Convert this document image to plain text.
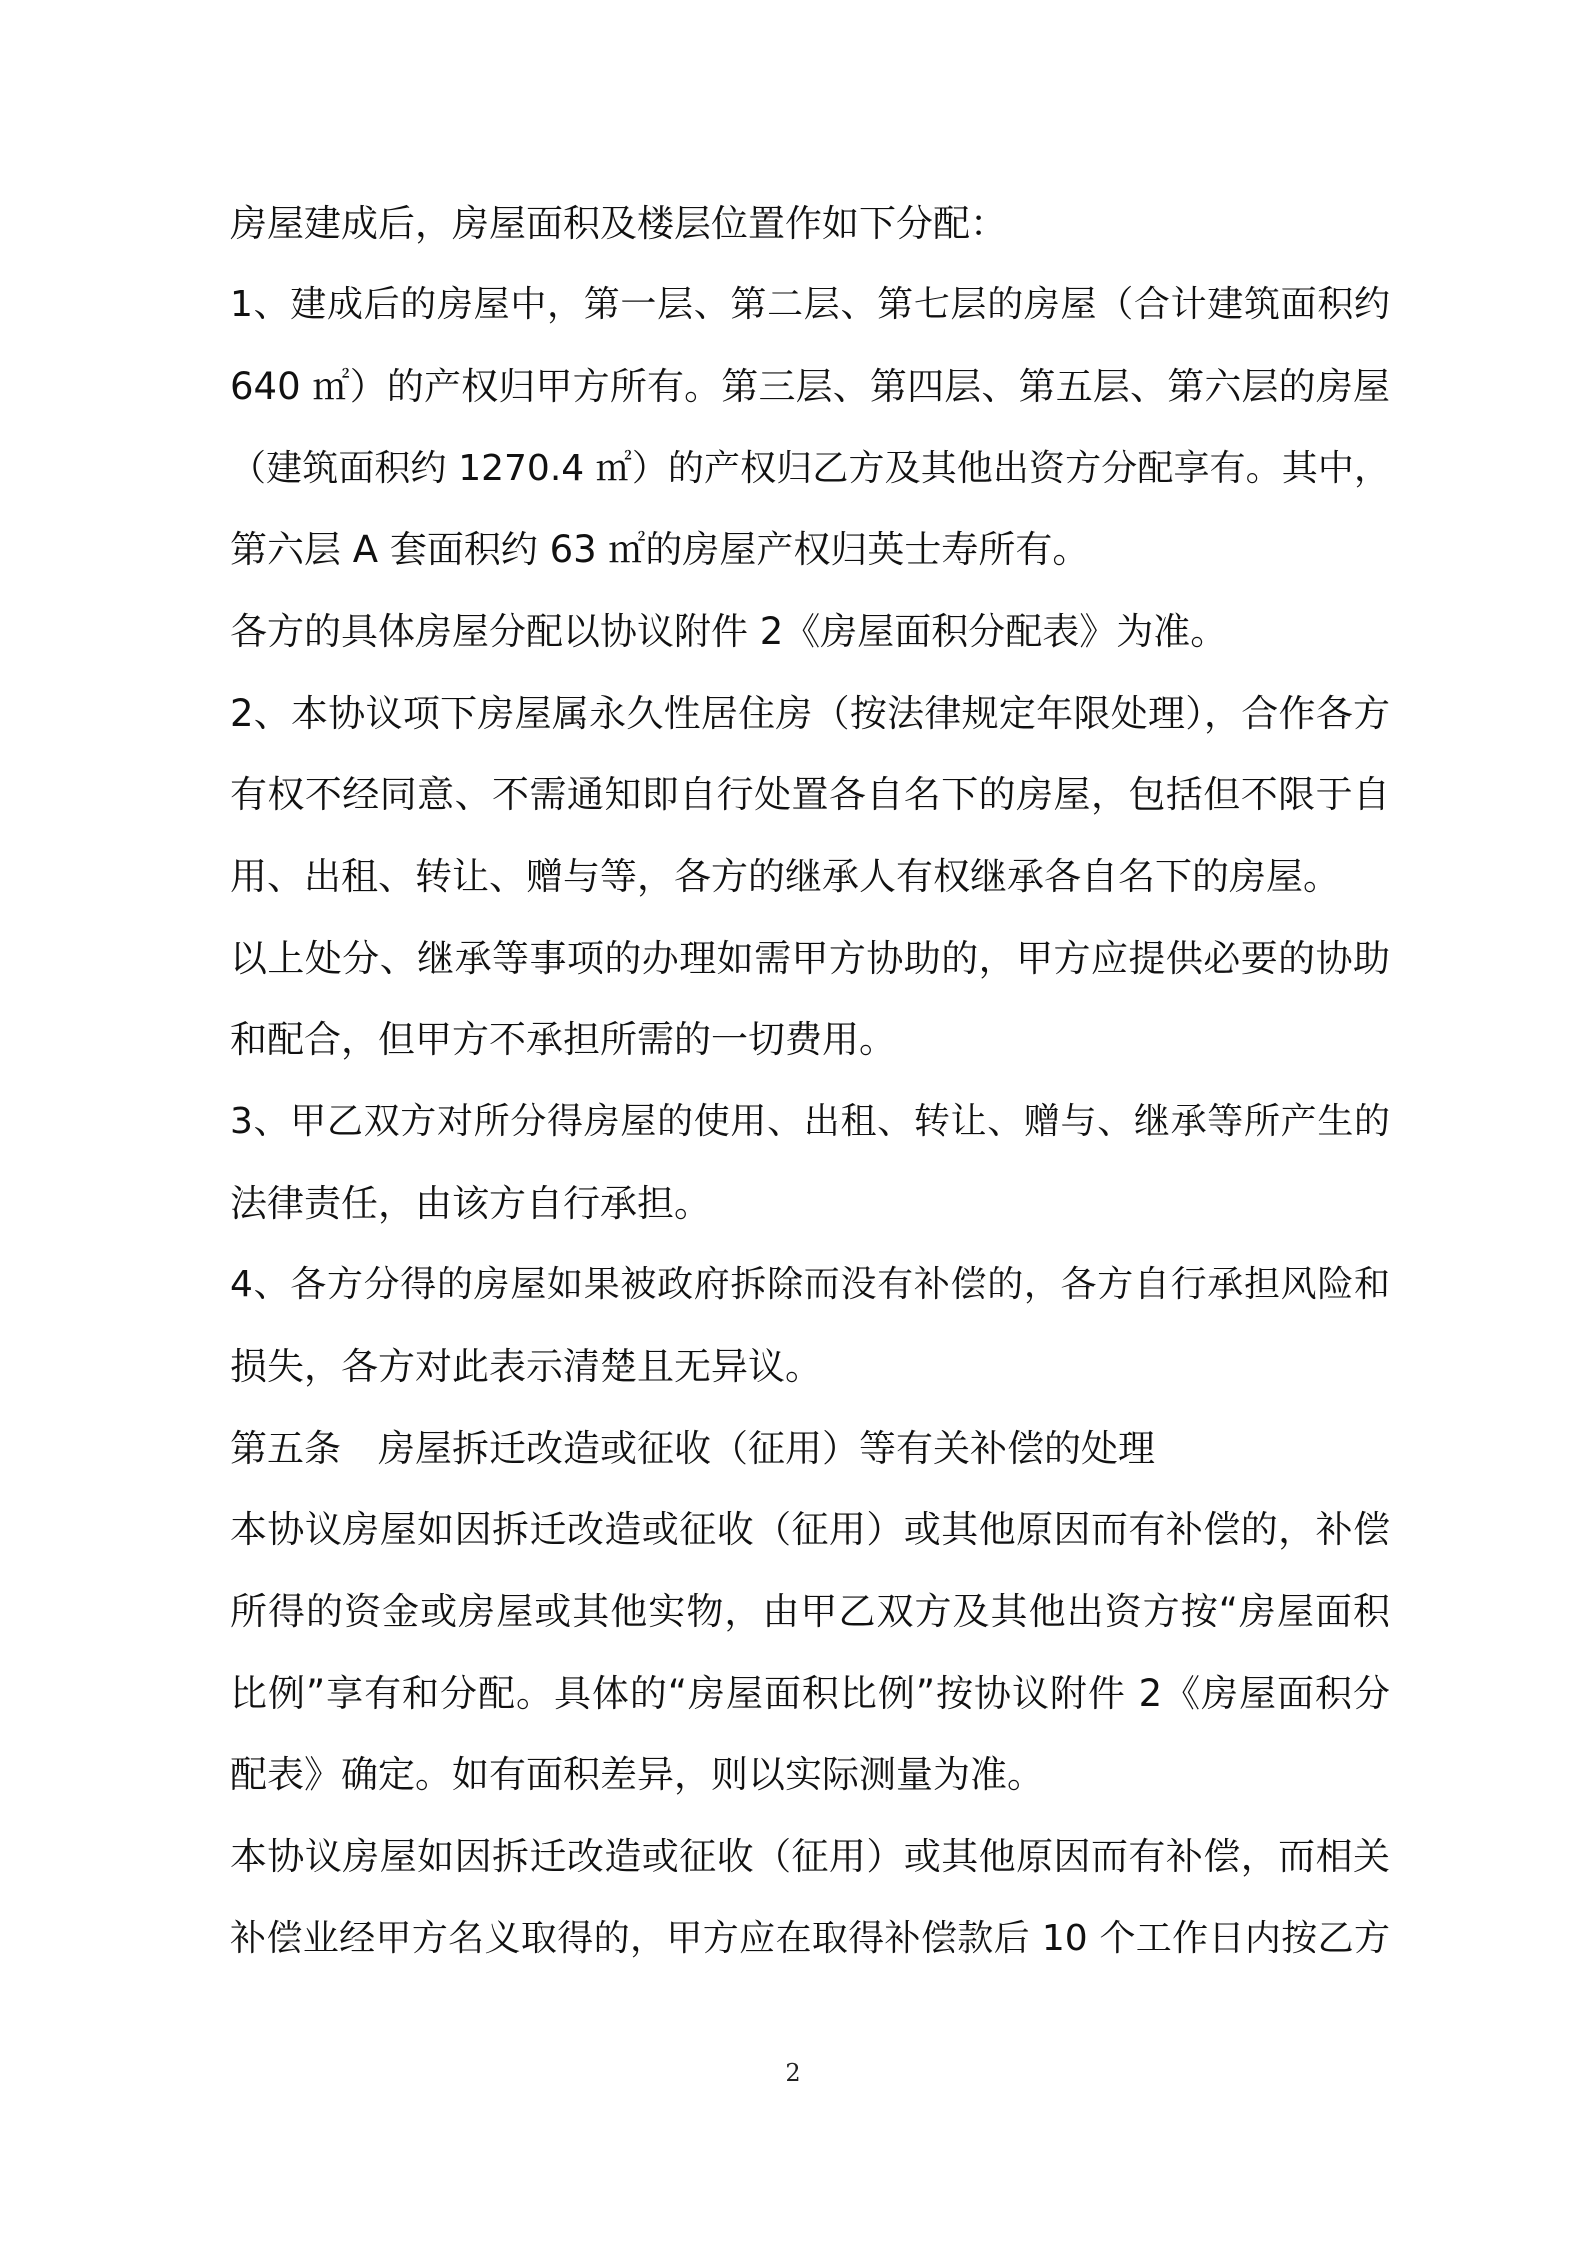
房屋建成后，房屋面积及楼层位置作如下分配：
1、建成后的房屋中，第一层、第二层、第七层的房屋（合计建筑面积约
640 ㎡）的产权归甲方所有。第三层、第四层、第五层、第六层的房屋
（建筑面积约 1270.4 ㎡）的产权归乙方及其他出资方分配享有。其中，
第六层 A 套面积约 63 ㎡的房屋产权归英士寿所有。
各方的具体房屋分配以协议附件 2《房屋面积分配表》为准。
2、本协议项下房屋属永久性居住房（按法律规定年限处理），合作各方
有权不经同意、不需通知即自行处置各自名下的房屋，包括但不限于自
用、出租、转让、赠与等，各方的继承人有权继承各自名下的房屋。
以上处分、继承等事项的办理如需甲方协助的，甲方应提供必要的协助
和配合，但甲方不承担所需的一切费用。
3、甲乙双方对所分得房屋的使用、出租、转让、赠与、继承等所产生的
法律责任，由该方自行承担。
4、各方分得的房屋如果被政府拆除而没有补偿的，各方自行承担风险和
损失，各方对此表示清楚且无异议。
第五条　房屋拆迁改造或征收（征用）等有关补偿的处理
本协议房屋如因拆迁改造或征收（征用）或其他原因而有补偿的，补偿
所得的资金或房屋或其他实物，由甲乙双方及其他出资方按“房屋面积
比例”享有和分配。具体的“房屋面积比例”按协议附件 2《房屋面积分
配表》确定。如有面积差异，则以实际测量为准。
本协议房屋如因拆迁改造或征收（征用）或其他原因而有补偿，而相关
补偿业经甲方名义取得的，甲方应在取得补偿款后 10 个工作日内按乙方
2
